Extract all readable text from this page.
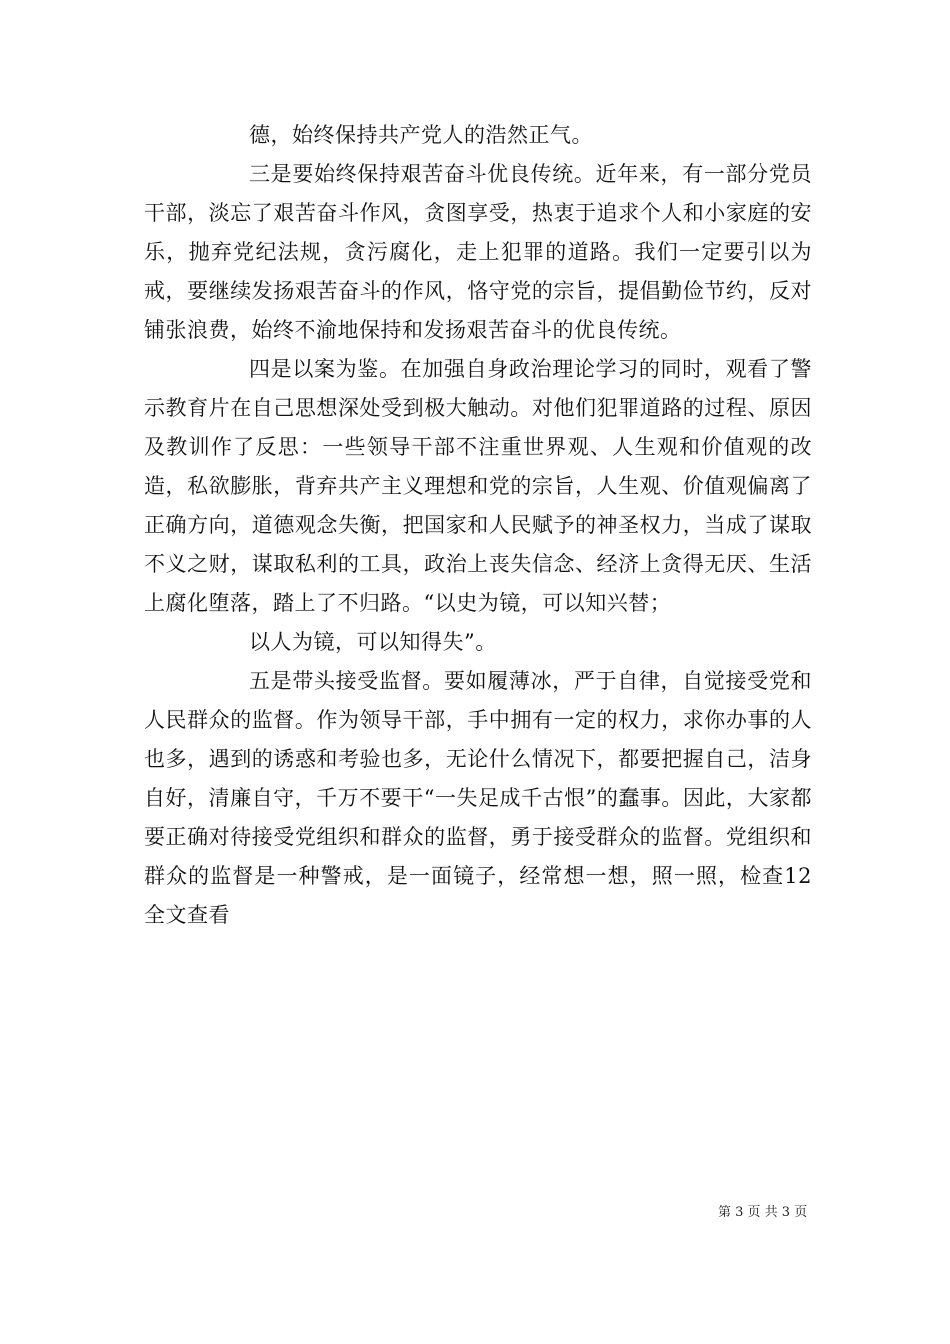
德，始终保持共产党人的浩然正气。

三是要始终保持艰苦奋斗优良传统。近年来，有一部分党员干部，淡忘了艰苦奋斗作风，贪图享受，热衷于追求个人和小家庭的安乐，抛弃党纪法规，贪污腐化，走上犯罪的道路。我们一定要引以为戒，要继续发扬艰苦奋斗的作风，恪守党的宗旨，提倡勤俭节约，反对铺张浪费，始终不渝地保持和发扬艰苦奋斗的优良传统。

四是以案为鉴。在加强自身政治理论学习的同时，观看了警示教育片在自己思想深处受到极大触动。对他们犯罪道路的过程、原因及教训作了反思：一些领导干部不注重世界观、人生观和价值观的改造，私欲膨胀，背弃共产主义理想和党的宗旨，人生观、价值观偏离了正确方向，道德观念失衡，把国家和人民赋予的神圣权力，当成了谋取不义之财，谋取私利的工具，政治上丧失信念、经济上贪得无厌、生活上腐化堕落，踏上了不归路。“以史为镜，可以知兴替；

以人为镜，可以知得失”。

五是带头接受监督。要如履薄冰，严于自律，自觉接受党和人民群众的监督。作为领导干部，手中拥有一定的权力，求你办事的人也多，遇到的诱惑和考验也多，无论什么情况下，都要把握自己，洁身自好，清廉自守，千万不要干“一失足成千古恨”的蠢事。因此，大家都要正确对待接受党组织和群众的监督，勇于接受群众的监督。党组织和群众的监督是一种警戒，是一面镜子，经常想一想，照一照，检查12全文查看

第 3 页 共 3 页
